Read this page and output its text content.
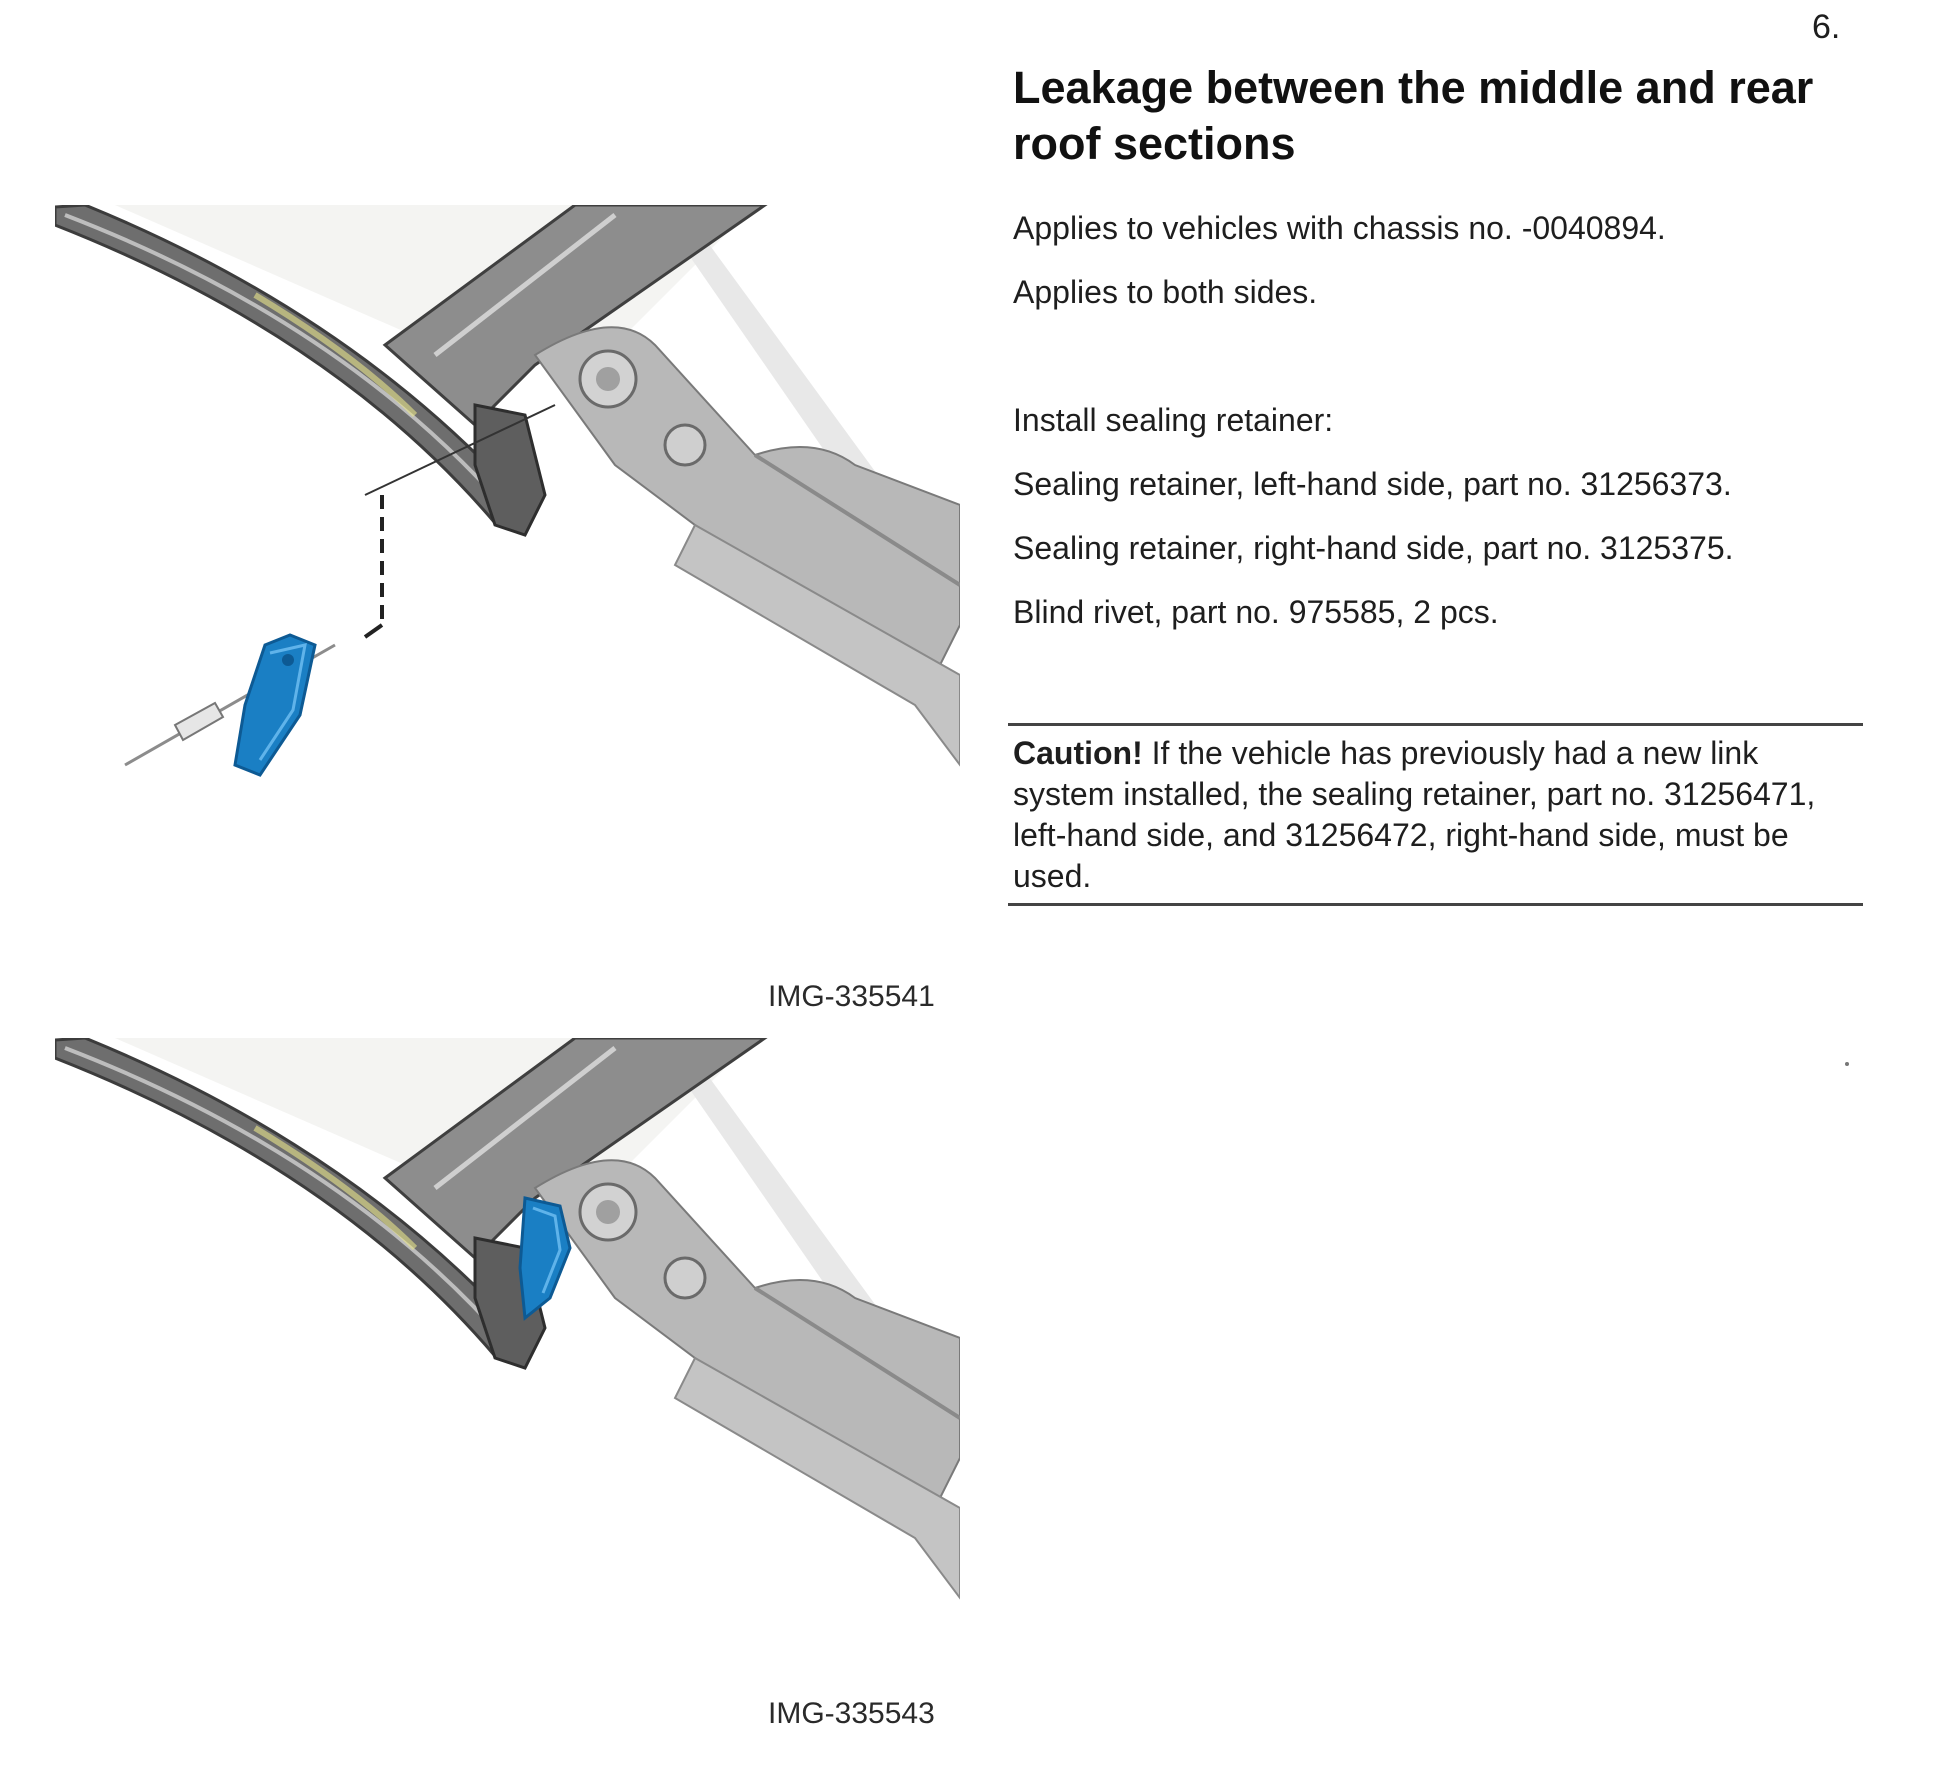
6.
IMG-335541
IMG-335543
Leakage between the middle and rear roof sections

Applies to vehicles with chassis no. -0040894.

Applies to both sides.

Install sealing retainer:

Sealing retainer, left-hand side, part no. 31256373.

Sealing retainer, right-hand side, part no. 3125375.

Blind rivet, part no. 975585, 2 pcs.

Caution! If the vehicle has previously had a new link system installed, the sealing retainer, part no. 31256471, left-hand side, and 31256472, right-hand side, must be used.
